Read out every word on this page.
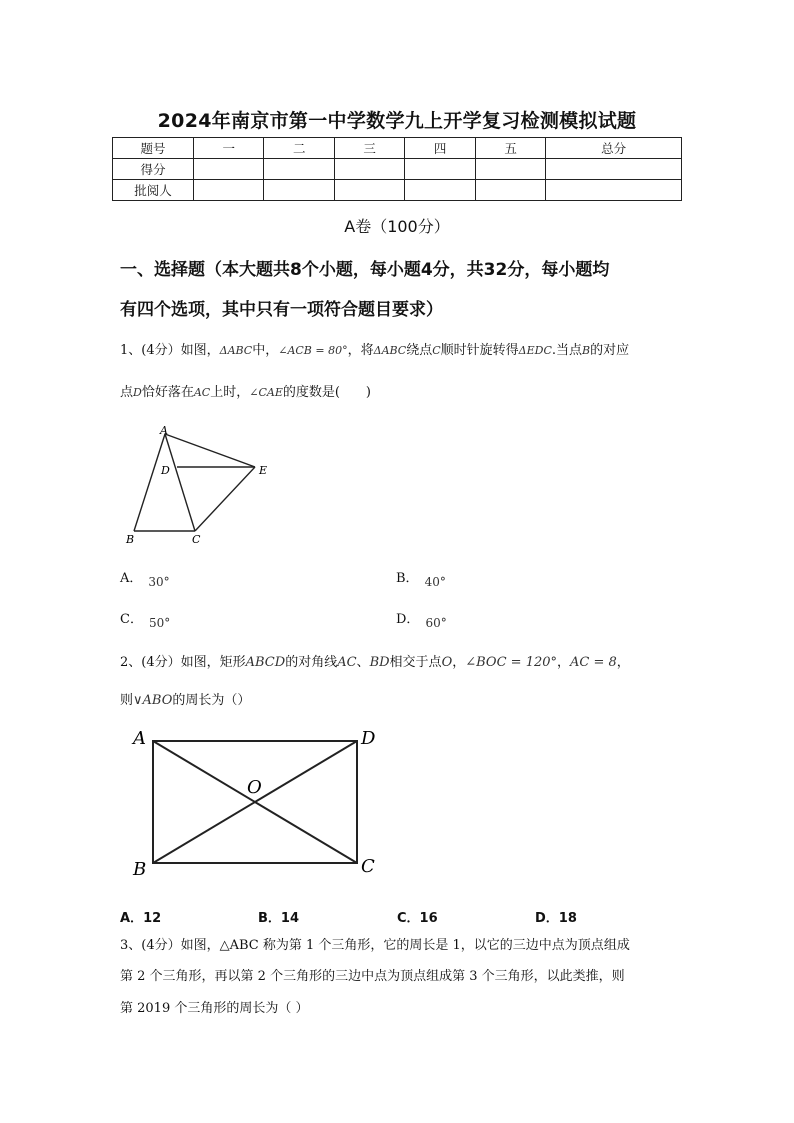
2024年南京市第一中学数学九上开学复习检测模拟试题
题号	一	二	三	四	五	总分
得分						
批阅人						
A卷（100分）
一、选择题（本大题共8个小题，每小题4分，共32分，每小题均
有四个选项，其中只有一项符合题目要求）
1、(4分）如图，ΔABC中，∠ACB = 80°，将ΔABC绕点C顺时针旋转得ΔEDC.当点B的对应
点D恰好落在AC上时，∠CAE的度数是(　　)
A
B	C
D	E
A． 30°	B． 40°
C． 50°	D． 60°
2、(4分）如图，矩形ABCD的对角线AC、BD相交于点O，∠BOC = 120°，AC = 8，
则∨ABO的周长为（）
A	D
B	C
O
A．12	B．14	C．16	D．18
3、(4分）如图，△ABC 称为第 1 个三角形，它的周长是 1，以它的三边中点为顶点组成
第 2 个三角形，再以第 2 个三角形的三边中点为顶点组成第 3 个三角形，以此类推，则
第 2019 个三角形的周长为（ ）
